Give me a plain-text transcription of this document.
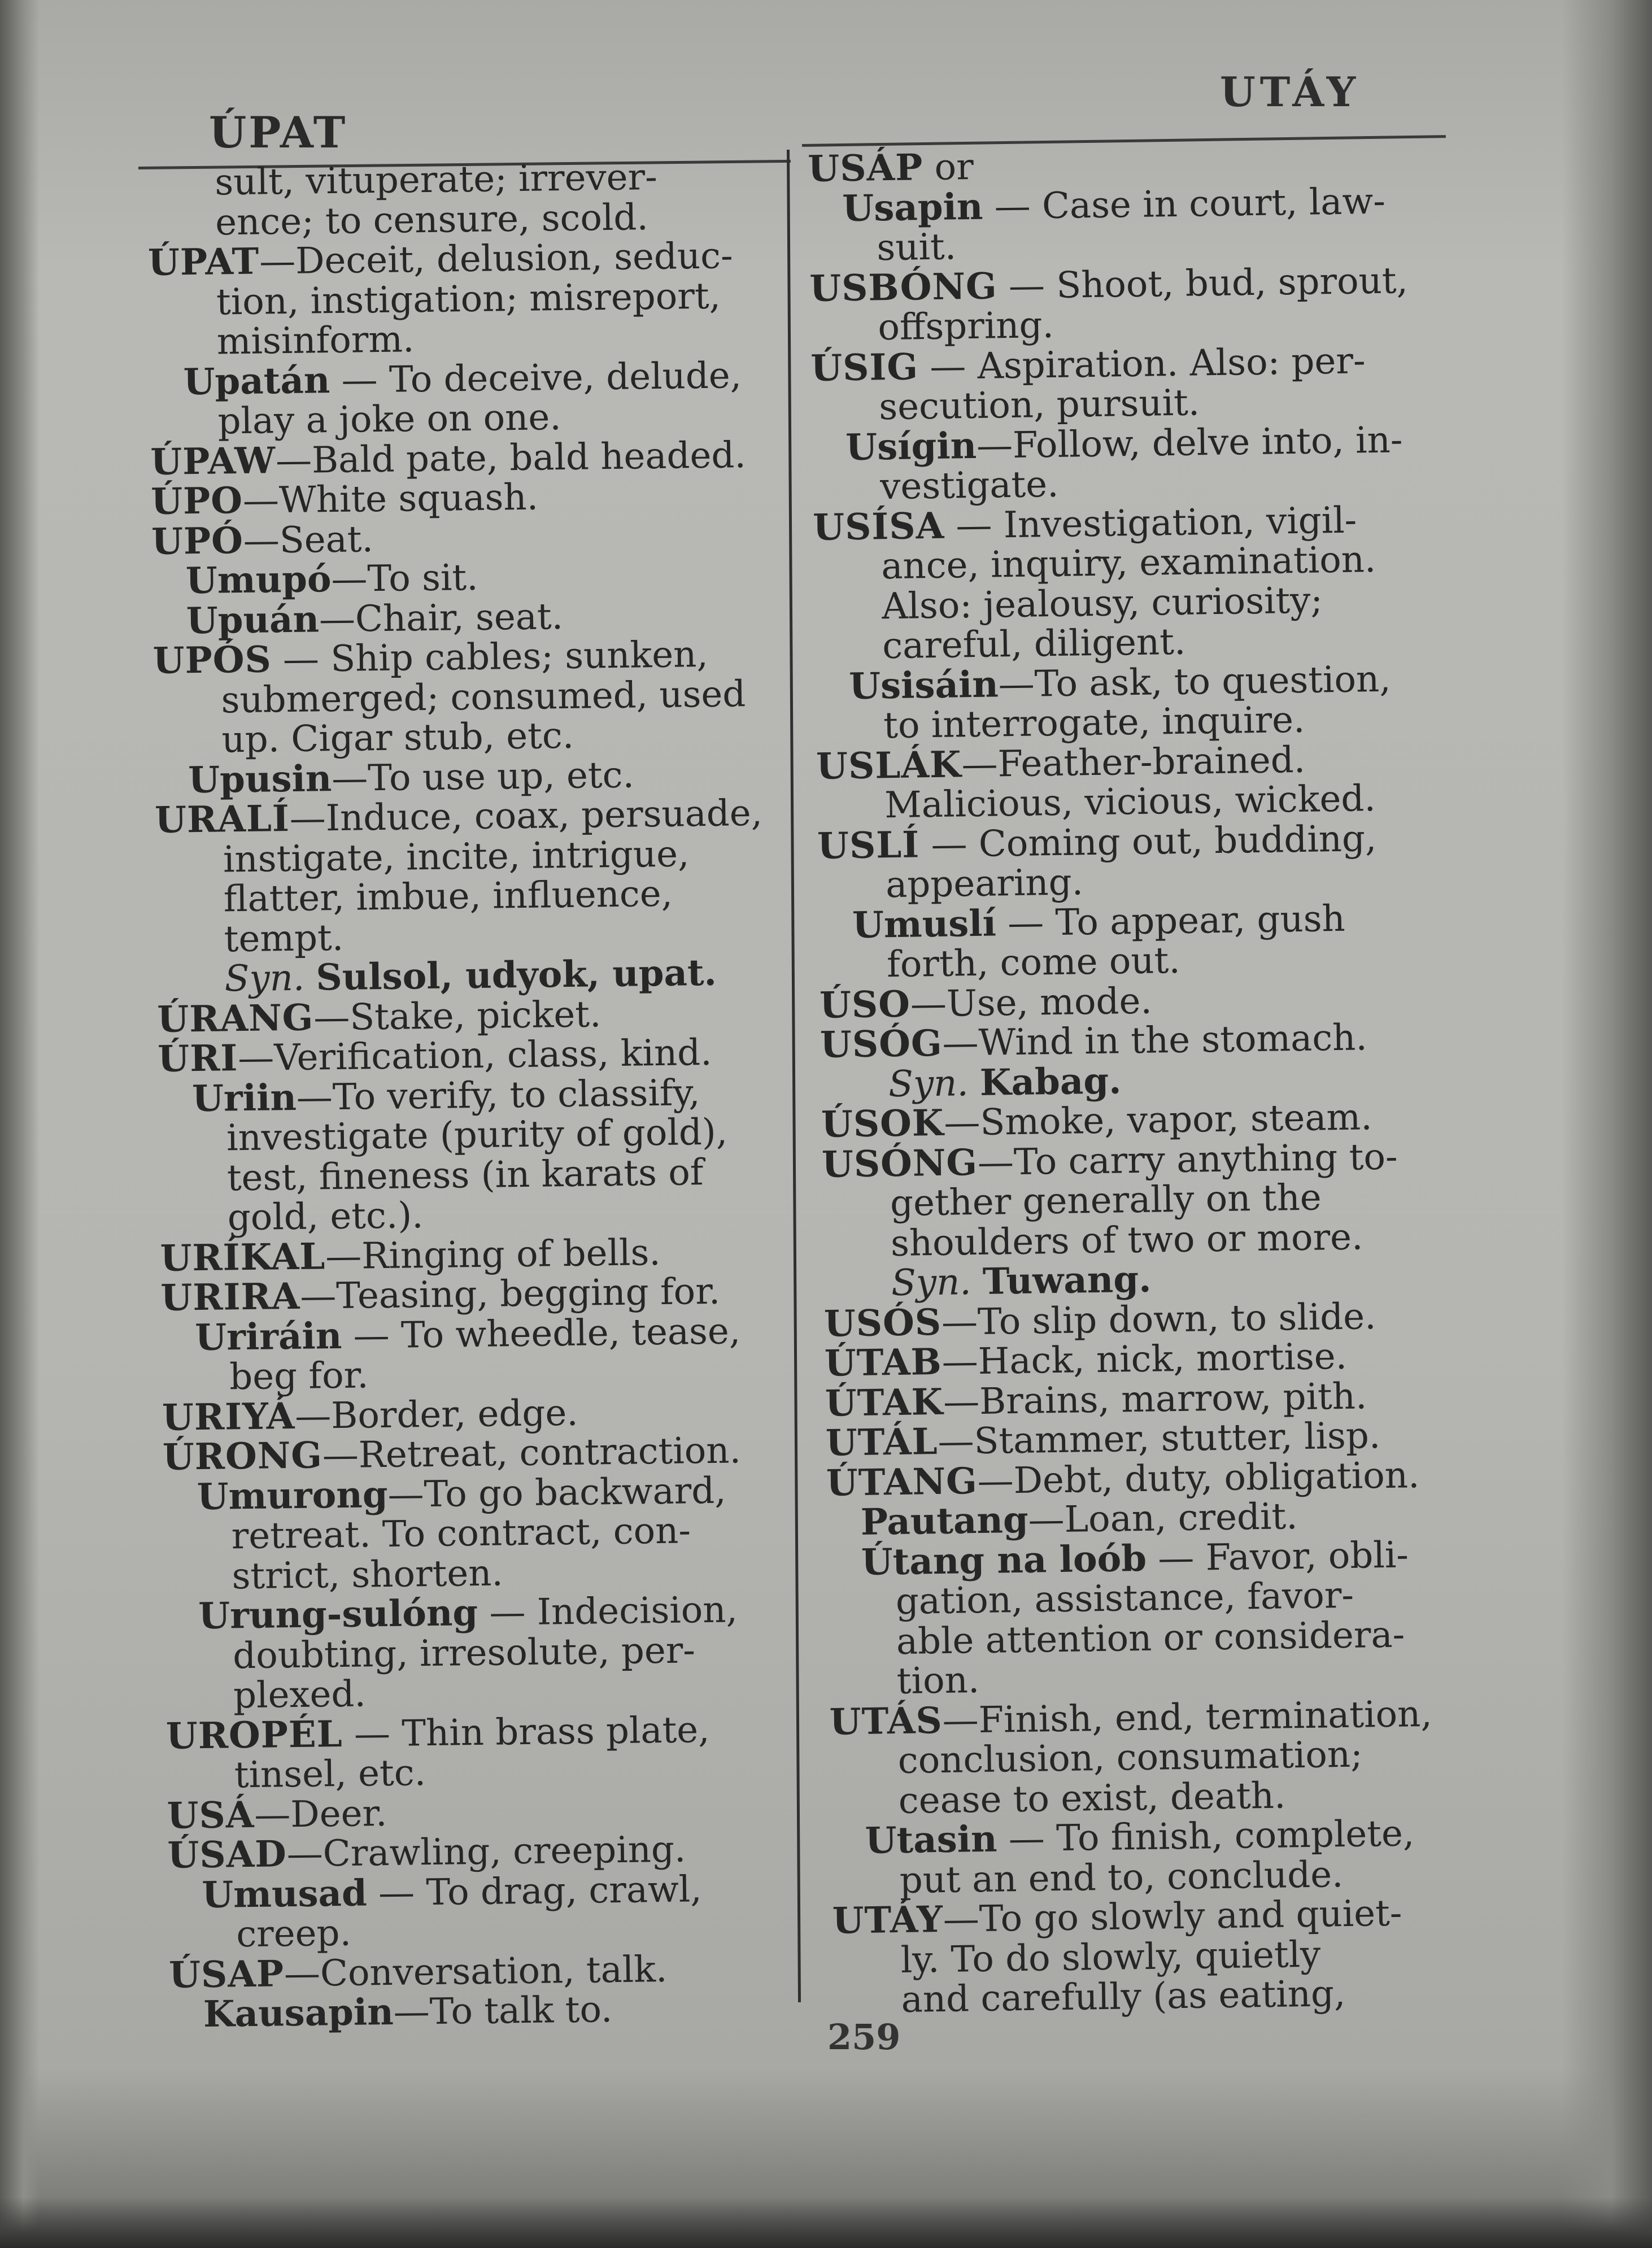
ÚPAT
UTÁY
sult, vituperate; irrever-
ence; to censure, scold.
ÚPAT—Deceit, delusion, seduc-
tion, instigation; misreport,
misinform.
Upatán — To deceive, delude,
play a joke on one.
ÚPAW—Bald pate, bald headed.
ÚPO—White squash.
UPÓ—Seat.
Umupó—To sit.
Upuán—Chair, seat.
UPÓS — Ship cables; sunken,
submerged; consumed, used
up. Cigar stub, etc.
Upusin—To use up, etc.
URALÍ—Induce, coax, persuade,
instigate, incite, intrigue,
flatter, imbue, influence,
tempt.
Syn. Sulsol, udyok, upat.
ÚRANG—Stake, picket.
ÚRI—Verification, class, kind.
Uriin—To verify, to classify,
investigate (purity of gold),
test, fineness (in karats of
gold, etc.).
URÍKAL—Ringing of bells.
URIRA—Teasing, begging for.
Uriráin — To wheedle, tease,
beg for.
URIYÁ—Border, edge.
ÚRONG—Retreat, contraction.
Umurong—To go backward,
retreat. To contract, con-
strict, shorten.
Urung-sulóng — Indecision,
doubting, irresolute, per-
plexed.
UROPÉL — Thin brass plate,
tinsel, etc.
USÁ—Deer.
ÚSAD—Crawling, creeping.
Umusad — To drag, crawl,
creep.
ÚSAP—Conversation, talk.
Kausapin—To talk to.
USÁP or
Usapin — Case in court, law-
suit.
USBÓNG — Shoot, bud, sprout,
offspring.
ÚSIG — Aspiration. Also: per-
secution, pursuit.
Usígin—Follow, delve into, in-
vestigate.
USÍSA — Investigation, vigil-
ance, inquiry, examination.
Also: jealousy, curiosity;
careful, diligent.
Usisáin—To ask, to question,
to interrogate, inquire.
USLÁK—Feather-brained.
Malicious, vicious, wicked.
USLÍ — Coming out, budding,
appearing.
Umuslí — To appear, gush
forth, come out.
ÚSO—Use, mode.
USÓG—Wind in the stomach.
Syn. Kabag.
ÚSOK—Smoke, vapor, steam.
USÓNG—To carry anything to-
gether generally on the
shoulders of two or more.
Syn. Tuwang.
USÓS—To slip down, to slide.
ÚTAB—Hack, nick, mortise.
ÚTAK—Brains, marrow, pith.
UTÁL—Stammer, stutter, lisp.
ÚTANG—Debt, duty, obligation.
Pautang—Loan, credit.
Útang na loób — Favor, obli-
gation, assistance, favor-
able attention or considera-
tion.
UTÁS—Finish, end, termination,
conclusion, consumation;
cease to exist, death.
Utasin — To finish, complete,
put an end to, conclude.
UTÁY—To go slowly and quiet-
ly. To do slowly, quietly
and carefully (as eating,
259
